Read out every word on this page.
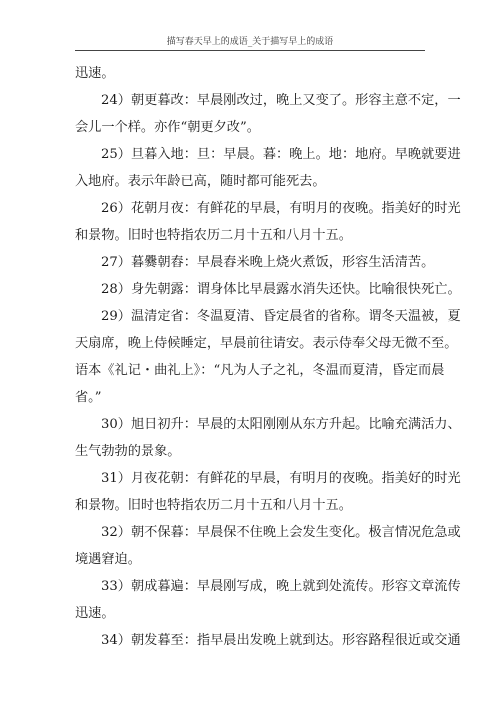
描写春天早上的成语_关于描写早上的成语
迅速。
24）朝更暮改：早晨刚改过，晚上又变了。形容主意不定，一
会儿一个样。亦作“朝更夕改”。
25）旦暮入地：旦：早晨。暮：晚上。地：地府。早晚就要进
入地府。表示年龄已高，随时都可能死去。
26）花朝月夜：有鲜花的早晨，有明月的夜晚。指美好的时光
和景物。旧时也特指农历二月十五和八月十五。
27）暮爨朝舂：早晨舂米晚上烧火煮饭，形容生活清苦。
28）身先朝露：谓身体比早晨露水消失还快。比喻很快死亡。
29）温清定省：冬温夏清、昏定晨省的省称。谓冬天温被，夏
天扇席，晚上侍候睡定，早晨前往请安。表示侍奉父母无微不至。
语本《礼记・曲礼上》：“凡为人子之礼，冬温而夏清，昏定而晨
省。”
30）旭日初升：早晨的太阳刚刚从东方升起。比喻充满活力、
生气勃勃的景象。
31）月夜花朝：有鲜花的早晨，有明月的夜晚。指美好的时光
和景物。旧时也特指农历二月十五和八月十五。
32）朝不保暮：早晨保不住晚上会发生变化。极言情况危急或
境遇窘迫。
33）朝成暮遍：早晨刚写成，晚上就到处流传。形容文章流传
迅速。
34）朝发暮至：指早晨出发晚上就到达。形容路程很近或交通
